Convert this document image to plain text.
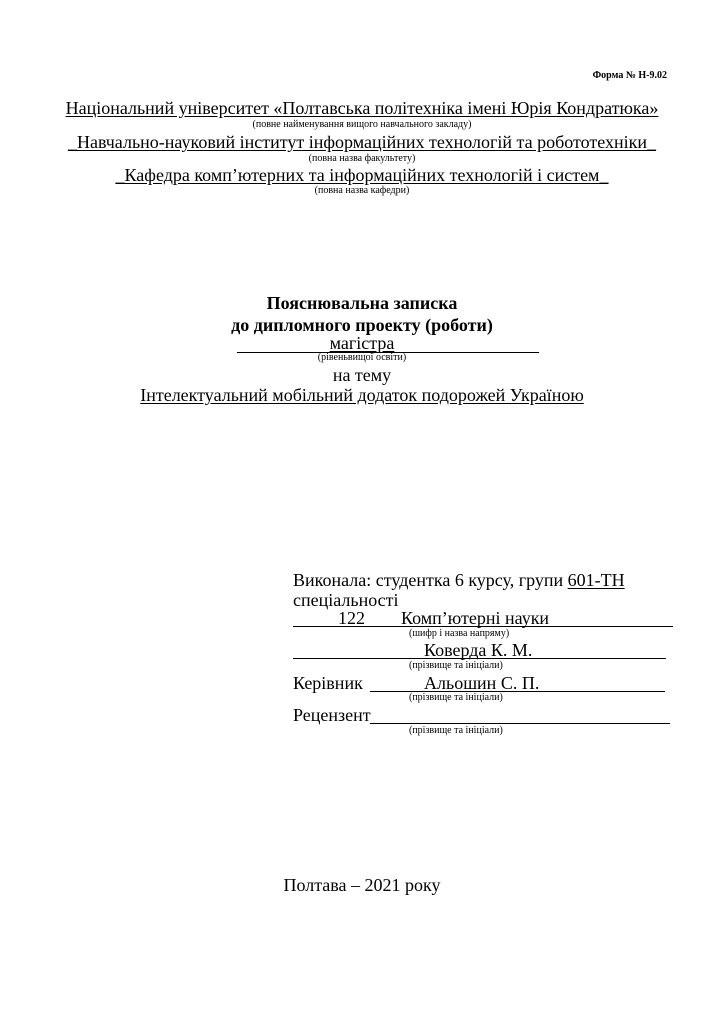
Форма № Н-9.02
Національний університет «Полтавська політехніка імені Юрія Кондратюка»
(повне найменування вищого навчального закладу)
_Навчально-науковий інститут інформаційних технологій та робототехніки_
(повна назва факультету)
_Кафедра комп’ютерних та інформаційних технологій і систем_
(повна назва кафедри)
Пояснювальна записка
до дипломного проекту (роботи)
магістра
(рівеньвищої освіти)
на тему
Інтелектуальний мобільний додаток подорожей Україною
Виконала: студентка 6 курсу, групи 601-ТН
спеціальності
122 Комп’ютерні науки
(шифр і назва напряму)
Коверда К. М.
(прізвище та ініціали)
Керівник	Альошин С. П.
(прізвище та ініціали)
Рецензент
(прізвище та ініціали)
Полтава – 2021 року
